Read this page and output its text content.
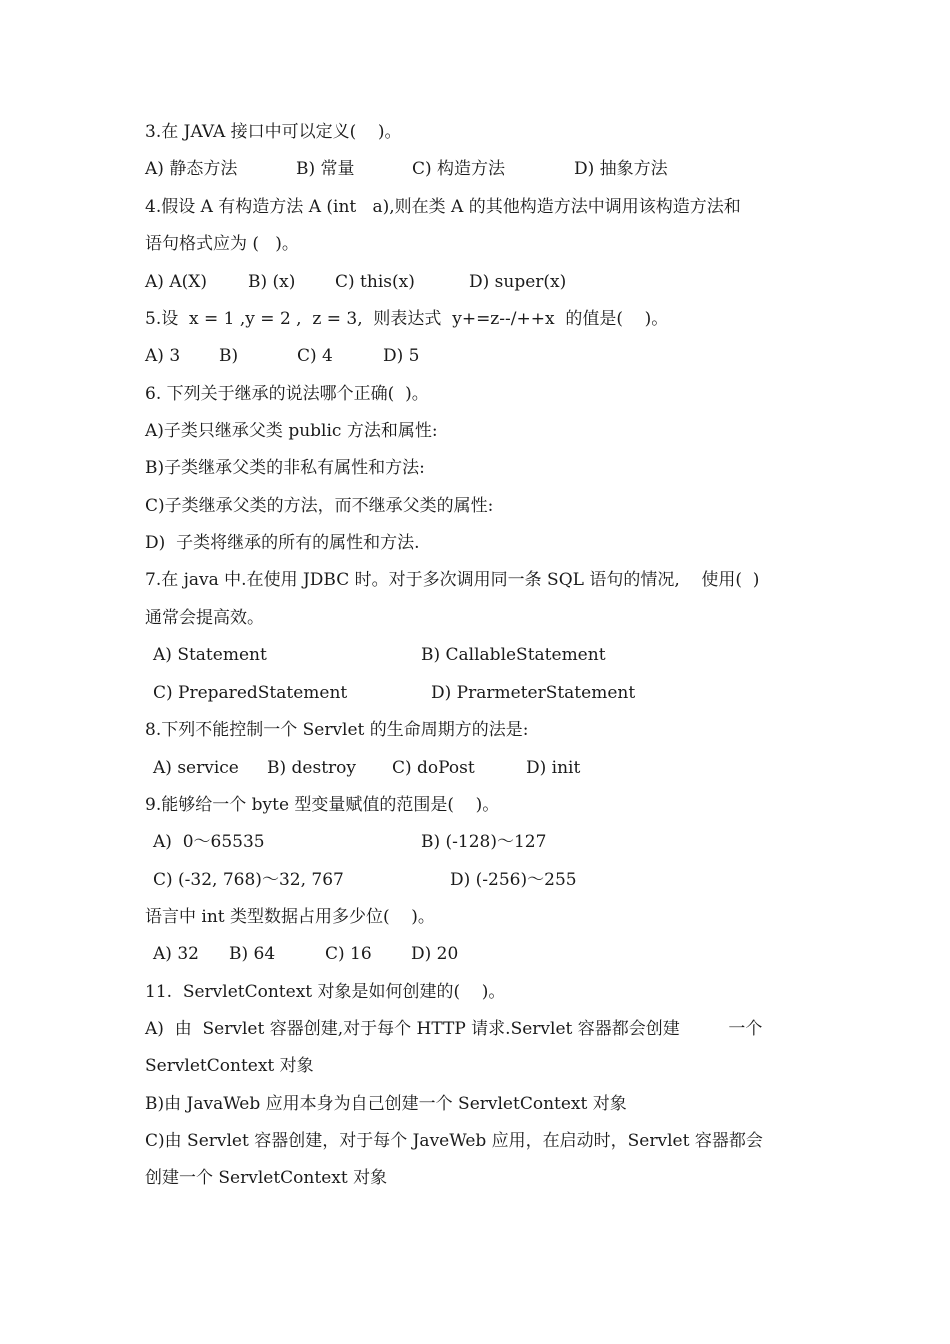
3.在 JAVA 接口中可以定义(    )。
A) 静态方法	B) 常量	C) 构造方法	D) 抽象方法
4.假设 A 有构造方法 A (int   a),则在类 A 的其他构造方法中调用该构造方法和
语句格式应为 (   )。
A) A(X) B) (x) C) this(x)	D) super(x)
5.设  x = 1 ,y = 2 ,  z = 3,  则表达式  y+=z--/++x  的值是(    )。
A) 3 B)	C) 4	D) 5
6. 下列关于继承的说法哪个正确(  )。
A)子类只继承父类 public 方法和属性:
B)子类继承父类的非私有属性和方法:
C)子类继承父类的方法，而不继承父类的属性:
D)  子类将继承的所有的属性和方法.
7.在 java 中.在使用 JDBC 时。对于多次调用同一条 SQL 语句的情况,    使用(  )
通常会提高效。
A) Statement	B) CallableStatement
C) PreparedStatement	D) PrarmeterStatement
8.下列不能控制一个 Servlet 的生命周期方的法是:
A) service B) destroy C) doPost	D) init
9.能够给一个 byte 型变量赋值的范围是(    )。
A)  0～65535	B) (-128)～127
C) (-32, 768)～32, 767	D) (-256)～255
语言中 int 类型数据占用多少位(    )。
A) 32 B) 64	C) 16 D) 20
11.  ServletContext 对象是如何创建的(    )。
A)  由  Servlet 容器创建,对于每个 HTTP 请求.Servlet 容器都会创建         一个
ServletContext 对象
B)由 JavaWeb 应用本身为自己创建一个 ServletContext 对象
C)由 Servlet 容器创建，对于每个 JaveWeb 应用，在启动时，Servlet 容器都会
创建一个 ServletContext 对象
